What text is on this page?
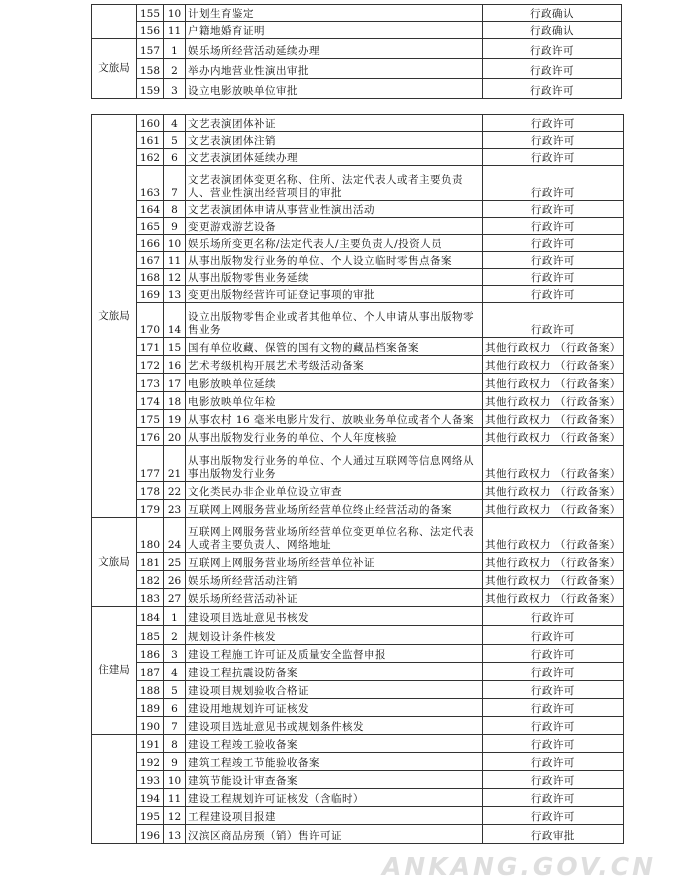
	155	10	计划生育鉴定	行政确认
	156	11	户籍地婚育证明	行政确认
文旅局	157	1	娱乐场所经营活动延续办理	行政许可
	158	2	举办内地营业性演出审批	行政许可
	159	3	设立电影放映单位审批	行政许可
文旅局	160	4	文艺表演团体补证	行政许可
	161	5	文艺表演团体注销	行政许可
	162	6	文艺表演团体延续办理	行政许可
	163	7	文艺表演团体变更名称、住所、法定代表人或者主要负责人、营业性演出经营项目的审批	行政许可
	164	8	文艺表演团体申请从事营业性演出活动	行政许可
	165	9	变更游戏游艺设备	行政许可
	166	10	娱乐场所变更名称/法定代表人/主要负责人/投资人员	行政许可
	167	11	从事出版物发行业务的单位、个人设立临时零售点备案	行政许可
	168	12	从事出版物零售业务延续	行政许可
	169	13	变更出版物经营许可证登记事项的审批	行政许可
	170	14	设立出版物零售企业或者其他单位、个人申请从事出版物零售业务	行政许可
	171	15	国有单位收藏、保管的国有文物的藏品档案备案	其他行政权力 （行政备案）
	172	16	艺术考级机构开展艺术考级活动备案	其他行政权力 （行政备案）
	173	17	电影放映单位延续	其他行政权力 （行政备案）
	174	18	电影放映单位年检	其他行政权力 （行政备案）
	175	19	从事农村 16 毫米电影片发行、放映业务单位或者个人备案	其他行政权力 （行政备案）
	176	20	从事出版物发行业务的单位、个人年度核验	其他行政权力 （行政备案）
	177	21	从事出版物发行业务的单位、个人通过互联网等信息网络从事出版物发行业务	其他行政权力 （行政备案）
	178	22	文化类民办非企业单位设立审查	其他行政权力 （行政备案）
	179	23	互联网上网服务营业场所经营单位终止经营活动的备案	其他行政权力 （行政备案）
文旅局	180	24	互联网上网服务营业场所经营单位变更单位名称、法定代表人或者主要负责人、网络地址	其他行政权力 （行政备案）
	181	25	互联网上网服务营业场所经营单位补证	其他行政权力 （行政备案）
	182	26	娱乐场所经营活动注销	其他行政权力 （行政备案）
	183	27	娱乐场所经营活动补证	其他行政权力 （行政备案）
住建局	184	1	建设项目选址意见书核发	行政许可
	185	2	规划设计条件核发	行政许可
	186	3	建设工程施工许可证及质量安全监督申报	行政许可
	187	4	建设工程抗震设防备案	行政许可
	188	5	建设项目规划验收合格证	行政许可
	189	6	建设用地规划许可证核发	行政许可
	190	7	建设项目选址意见书或规划条件核发	行政许可
	191	8	建设工程竣工验收备案	行政许可
	192	9	建筑工程竣工节能验收备案	行政许可
	193	10	建筑节能设计审查备案	行政许可
	194	11	建设工程规划许可证核发（含临时）	行政许可
	195	12	工程建设项目报建	行政许可
	196	13	汉滨区商品房预（销）售许可证	行政审批
ANKANG.GOV.CN
